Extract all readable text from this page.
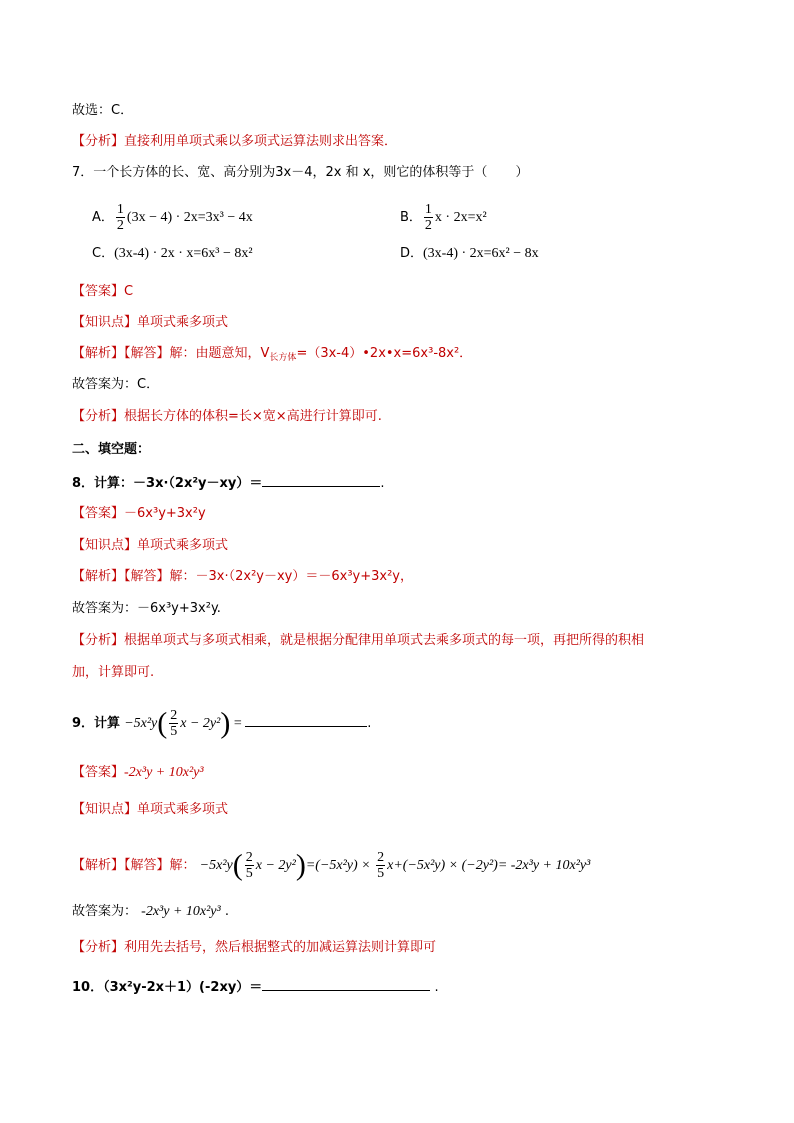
故选：C．
【分析】直接利用单项式乘以多项式运算法则求出答案．
7．一个长方体的长、宽、高分别为3x－4，2x 和 x，则它的体积等于（ ）
A． $\frac{1}{2} (3x - 4) \cdot 2x=3x^3 - 4x$	B． $\frac{1}{2}$ x · 2x=x²
C．(3x-4) · 2x · x=6x³ − 8x²	D．(3x-4) · 2x=6x² − 8x
【答案】C
【知识点】单项式乘多项式
【解析】【解答】解：由题意知，$V_{长方体}=(3x-4)•2x•x=6x^3-8x^2$．
故答案为：C．
【分析】根据长方体的体积=长×宽×高进行计算即可.
二、填空题：
8．计算：－3x·（2x²y－xy）＝	.
【答案】－6x³y+3x²y
【知识点】单项式乘多项式
【解析】【解答】解：－3x·（2x²y－xy）＝－6x³y+3x²y，
故答案为：－6x³y+3x²y.
【分析】根据单项式与多项式相乘，就是根据分配律用单项式去乘多项式的每一项，再把所得的积相
加，计算即可.
9．计算 $-5x^2y( \frac{2}{5}$ x − 2y²) =	.
【答案】-2x³y + 10x²y³
【知识点】单项式乘多项式
【解析】【解答】解： $-5x^2y( \frac{2}{5}$ $x - 2y^2)=(-5x^2y) \times \frac{2}{5} x+(-5x^2y) \times (-2y^2)= -2x^3y + 10x^2y^3$
故答案为： -2x³y + 10x²y³ .
【分析】利用先去括号，然后根据整式的加减运算法则计算即可
10．（3x²y-2x＋1）(-2xy）＝	.
